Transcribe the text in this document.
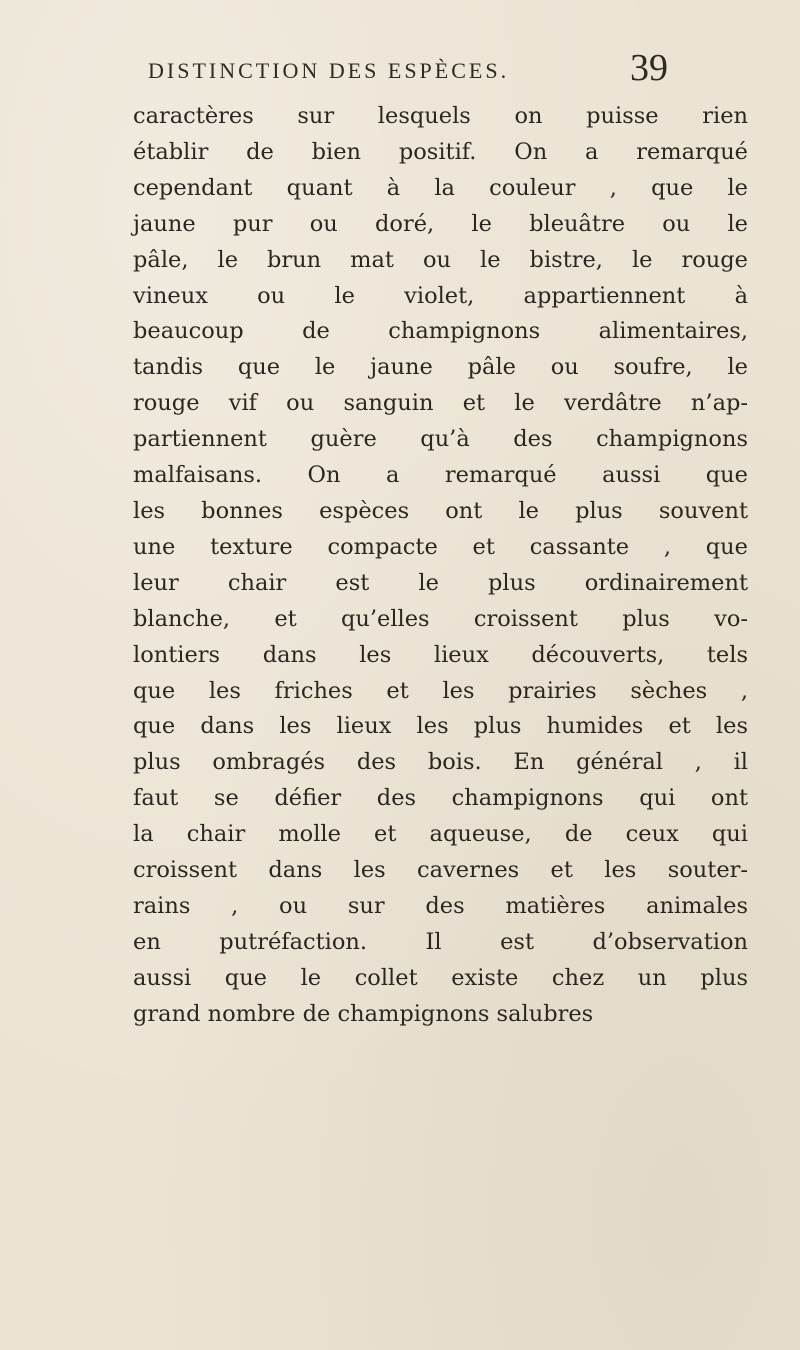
DISTINCTION DES ESPÈCES.	39
caractères sur lesquels on puisse rien
établir de bien positif. On a remarqué
cependant quant à la couleur , que le
jaune pur ou doré, le bleuâtre ou le
pâle, le brun mat ou le bistre, le rouge
vineux ou le violet, appartiennent à
beaucoup de champignons alimentaires,
tandis que le jaune pâle ou soufre, le
rouge vif ou sanguin et le verdâtre n’ap-
partiennent guère qu’à des champignons
malfaisans. On a remarqué aussi que
les bonnes espèces ont le plus souvent
une texture compacte et cassante , que
leur chair est le plus ordinairement
blanche, et qu’elles croissent plus vo-
lontiers dans les lieux découverts, tels
que les friches et les prairies sèches ,
que dans les lieux les plus humides et les
plus ombragés des bois. En général , il
faut se défier des champignons qui ont
la chair molle et aqueuse, de ceux qui
croissent dans les cavernes et les souter-
rains , ou sur des matières animales
en putréfaction. Il est d’observation
aussi que le collet existe chez un plus
grand nombre de champignons salubres
